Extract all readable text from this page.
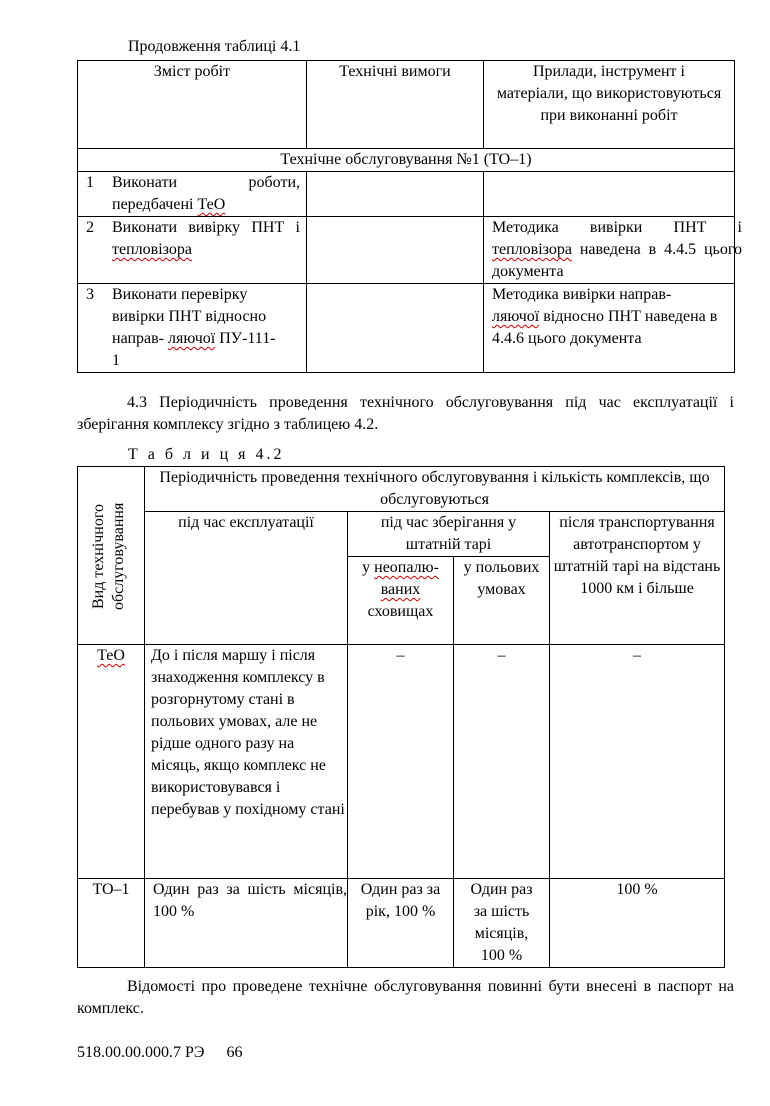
Продовження таблиці 4.1
Зміст робіт	Технічні вимоги	Прилади, інструмент і матеріали, що використовуються при виконанні робіт
Технічне обслуговування №1 (ТО–1)		
1 Виконати роботи, передбачені ТеО		
2 Виконати вивірку ПНТ і тепловізора		Методика вивірки ПНТ і тепловізора наведена в 4.4.5 цього документа

3 Виконати перевірку вивірки ПНТ відносно направ- ляючої ПУ-111-1		Методика вивірки направ- ляючої відносно ПНТ наведена в 4.4.6 цього документа
4.3 Періодичність проведення технічного обслуговування під час експлуатації і зберігання комплексу згідно з таблицею 4.2.
Т а б л и ц я 4.2
Вид технічного обслуговування	Періодичність проведення технічного обслуговування і кількість комплексів, що обслуговуються			
	під час експлуатації	під час зберігання у штатній тарі		після транспортування автотранспортом у штатній тарі на відстань 1000 км і більше
		у неопалю-ваних сховищах	у польових умовах	
ТеО	До і після маршу і після знаходження комплексу в розгорнутому стані в польових умовах, але не рідше одного разу на місяць, якщо комплекс не використовувався і перебував у похідному стані	–	–	–
ТО–1	Один раз за шість місяців, 100 %	Один раз за рік, 100 %	Один раз за шість місяців, 100 %	100 %
Відомості про проведене технічне обслуговування повинні бути внесені в паспорт на комплекс.
518.00.00.000.7 РЭ 66
